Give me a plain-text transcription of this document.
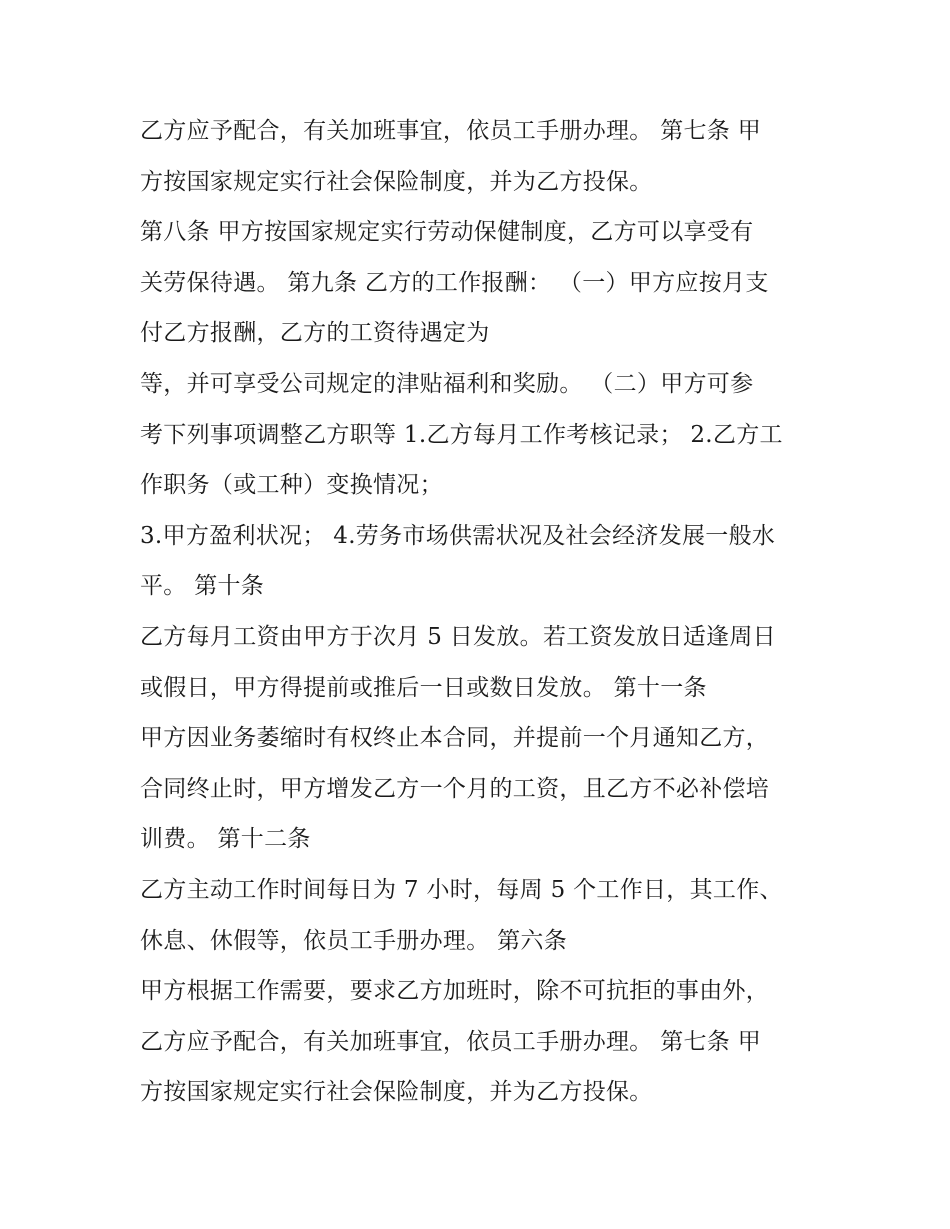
乙方应予配合，有关加班事宜，依员工手册办理。 第七条 甲
方按国家规定实行社会保险制度，并为乙方投保。
第八条 甲方按国家规定实行劳动保健制度，乙方可以享受有
关劳保待遇。 第九条 乙方的工作报酬： （一）甲方应按月支
付乙方报酬，乙方的工资待遇定为
等，并可享受公司规定的津贴福利和奖励。 （二）甲方可参
考下列事项调整乙方职等 1.乙方每月工作考核记录； 2.乙方工
作职务（或工种）变换情况；
3.甲方盈利状况； 4.劳务市场供需状况及社会经济发展一般水
平。 第十条
乙方每月工资由甲方于次月 5 日发放。若工资发放日适逢周日
或假日，甲方得提前或推后一日或数日发放。 第十一条
甲方因业务萎缩时有权终止本合同，并提前一个月通知乙方，
合同终止时，甲方增发乙方一个月的工资，且乙方不必补偿培
训费。 第十二条
乙方主动工作时间每日为 7 小时，每周 5 个工作日，其工作、
休息、休假等，依员工手册办理。 第六条
甲方根据工作需要，要求乙方加班时，除不可抗拒的事由外，
乙方应予配合，有关加班事宜，依员工手册办理。 第七条 甲
方按国家规定实行社会保险制度，并为乙方投保。
